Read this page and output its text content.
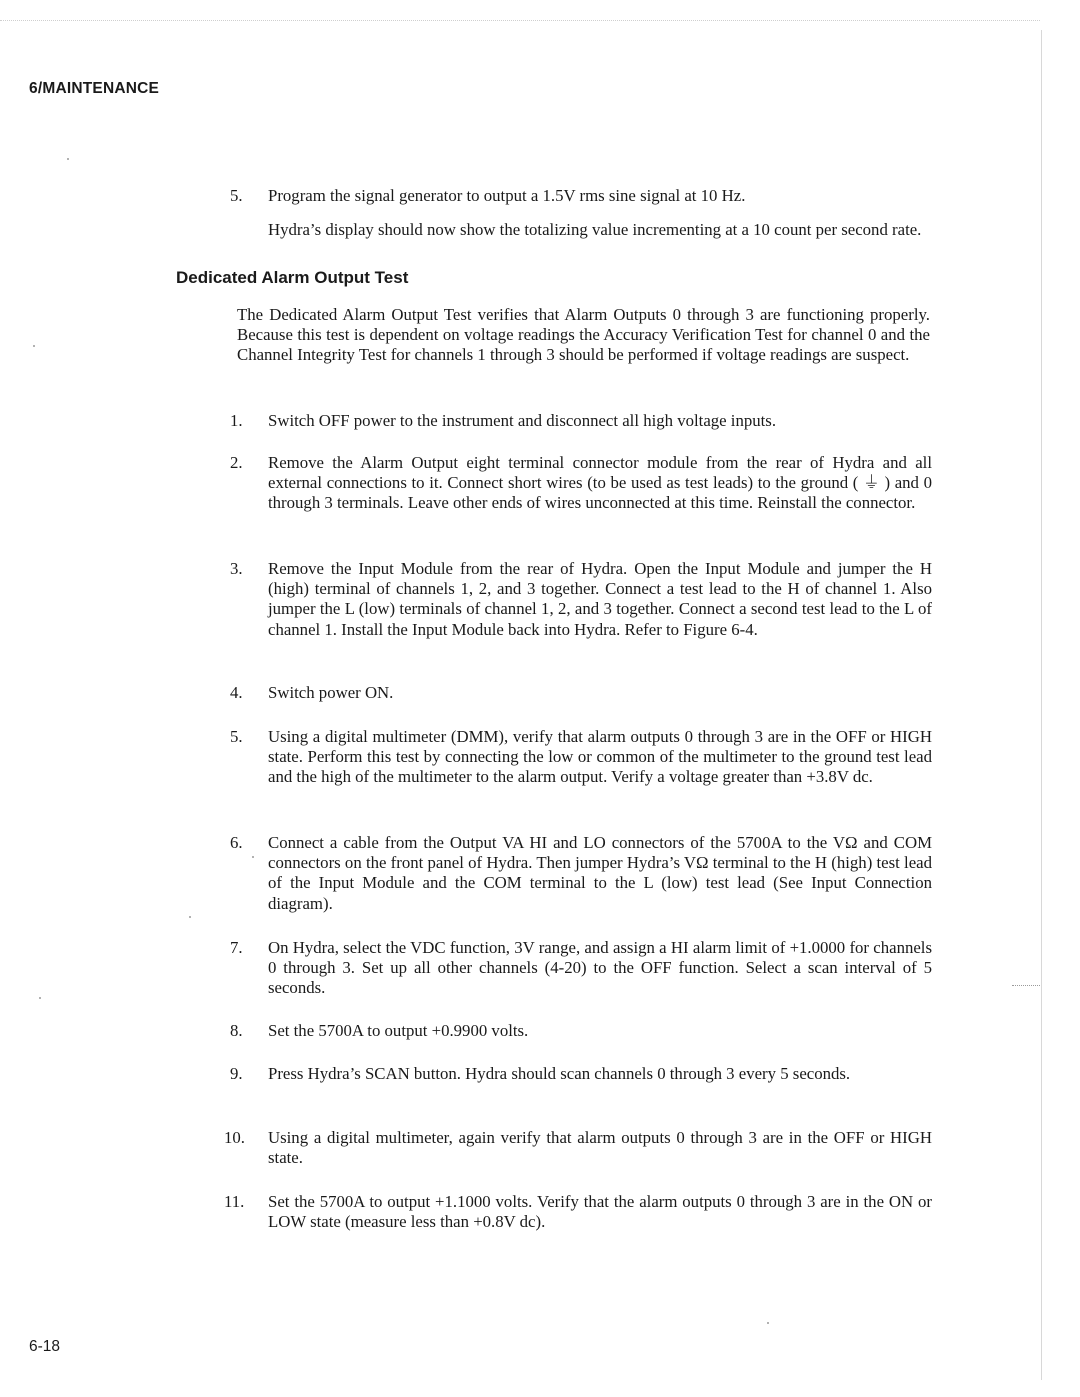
6/MAINTENANCE
5.	Program the signal generator to output a 1.5V rms sine signal at 10 Hz.

Hydra’s display should now show the totalizing value incrementing at a 10 count per second rate.

Dedicated Alarm Output Test

The Dedicated Alarm Output Test verifies that Alarm Outputs 0 through 3 are functioning properly. Because this test is dependent on voltage readings the Accuracy Verification Test for channel 0 and the Channel Integrity Test for channels 1 through 3 should be performed if voltage readings are suspect.

1.	Switch OFF power to the instrument and disconnect all high voltage inputs.
2.	Remove the Alarm Output eight terminal connector module from the rear of Hydra and all external connections to it. Connect short wires (to be used as test leads) to the ground ( ⏚ ) and 0 through 3 terminals. Leave other ends of wires unconnected at this time. Reinstall the connector.
3.	Remove the Input Module from the rear of Hydra. Open the Input Module and jumper the H (high) terminal of channels 1, 2, and 3 together. Connect a test lead to the H of channel 1. Also jumper the L (low) terminals of channel 1, 2, and 3 together. Connect a second test lead to the L of channel 1. Install the Input Module back into Hydra. Refer to Figure 6-4.
4.	Switch power ON.
5.	Using a digital multimeter (DMM), verify that alarm outputs 0 through 3 are in the OFF or HIGH state. Perform this test by connecting the low or common of the multimeter to the ground test lead and the high of the multimeter to the alarm output. Verify a voltage greater than +3.8V dc.
6.	Connect a cable from the Output VA HI and LO connectors of the 5700A to the VΩ and COM connectors on the front panel of Hydra. Then jumper Hydra’s VΩ terminal to the H (high) test lead of the Input Module and the COM terminal to the L (low) test lead (See Input Connection diagram).
7.	On Hydra, select the VDC function, 3V range, and assign a HI alarm limit of +1.0000 for channels 0 through 3. Set up all other channels (4-20) to the OFF function. Select a scan interval of 5 seconds.
8.	Set the 5700A to output +0.9900 volts.
9.	Press Hydra’s SCAN button. Hydra should scan channels 0 through 3 every 5 seconds.
10.	Using a digital multimeter, again verify that alarm outputs 0 through 3 are in the OFF or HIGH state.
11.	Set the 5700A to output +1.1000 volts. Verify that the alarm outputs 0 through 3 are in the ON or LOW state (measure less than +0.8V dc).
6-18
